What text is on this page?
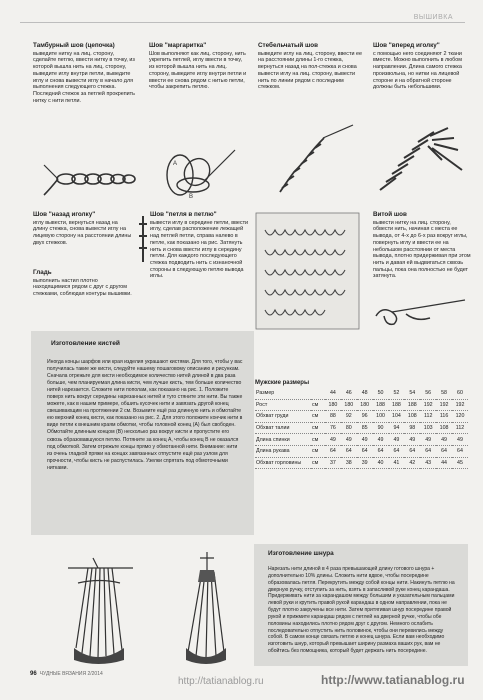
ВЫШИВКА
Тамбурный шов (цепочка)
выведите нитку на лиц. сторону, сделайте петлю, ввести нитку в точку, из которой вышла нить на лиц. сторону, выведите иглу внутри петли, выведите иглу и снова вывести иглу в начало для выполнения следующего стежка. Последний стежок за петлей прокрепить нитку с нити петли.
Шов "маргаритка"
Шов выполняют как лиц. сторону, нить укрепить петлей, иглу ввести в точку, из которой вышла нить на лиц. сторону, выведите иглу внутри петли и ввести ее снова рядом с нитью петли, чтобы закрепить петлю.
А
В
Стебельчатый шов
выведите иглу на лиц. сторону, ввести ее на расстоянии длины 1-го стежка, вернуться назад на пол-стежка и снова вывести иглу на лиц. сторону, вывести нить по линии рядом с последним стежком.
Шов "вперед иголку"
с помощью него соединяют 2 ткани вместе. Можно выполнить в любом направлении. Длина самого стежка произвольна, но нитки на лицевой стороне и на обратной стороне должны быть небольшими.
Шов "назад иголку"
иглу вывести, вернуться назад на длину стежка, снова вывести иглу на лицевую сторону на расстоянии длины двух стежков.
Гладь
выполнить настил плотно находящимися рядом с друг с другом стежками, соблюдая контуры вышивки.
Шов "петля в петлю"
вывести иглу в середине петли, ввести иглу, сделав расположение лежащей над петлей петли, справа налево в петле, как показано на рис. Затянуть нить и снова ввести иглу в середину петли. Для каждого последующего стежка подводить нить с изнаночной стороны в следующую петлю вывода иглы.
Витой шов
вывести нитку на лиц. сторону, обвести нить, начиная с места ее вывода, от 4-х до 6-х раз вокруг иглы, повернуть иглу и ввести ее на небольшом расстоянии от места вывода, плотно придерживая при этом нить и давая ей выдвигаться сквозь пальцы, пока она полностью не будет затянута.
Изготовление кистей
Иногда концы шарфов или края изделия украшают кистями. Для того, чтобы у вас получилась такие же кисти, следуйте нашему пошаговому описанию и рисункам. Сначала отрежьте для кисти необходимое количество нитей длиной в два раза больше, чем планируемая длина кисти, чем лучше кисть, тем больше количество нитей нарезается. Сложите нити пополам, как показано на рис. 1. Положите поверх нить вокруг середины нарезанных нитей и туго стяните эти нити. Вы также можете, как в нашем примере, обшить кусочек нити и завязать другой конец свешивающим на протяжении 2 см. Возьмите ещё раз длинную нить и обмотайте ею верхний конец кисти, как показано на рис. 2. Для этого положите кончик нити в виде петли к внешним краям обмотки, чтобы головной конец (А) был свободен. Обмотайте длинным концом (В) несколько раз вокруг кисти и пропустите его сквозь образовавшуюся петлю. Потяните за конец А, чтобы конец В не оказался под обмоткой. Затем отрежьте концы прямо у обмотанной нити. Внимание: нити из очень гладкой пряжи на концах завязанных отпустите ещё раз узлом для прочности, чтобы кисть не распустилась. Узелки спрятать под обмоточными нитками.
Мужские размеры
Размер		44	46	48	50	52	54	56	58	60
Рост	см	180	180	180	188	188	188	192	192	192
Обхват груди	см	88	92	96	100	104	108	112	116	120
Обхват талии	см	76	80	85	90	94	98	103	108	112
Длина спинки	см	49	49	49	49	49	49	49	49	49
Длина рукава	см	64	64	64	64	64	64	64	64	64
Обхват горловины	см	37	38	39	40	41	42	43	44	45
Изготовление шнура
Нарезать нити длиной в 4 раза превышающей длину готового шнура + дополнительно 10% длины. Сложить нити вдвое, чтобы посередине образовалась петля. Перекрутить между собой концы нити. Накинуть петлю на дверную ручку, отступить за нить, взять в запасливой руке конец карандаша. Придерживать нити за карандашом между большим и указательным пальцами левой руки и крутить правой рукой карандаш в одном направлении, пока не будут плотно закручены все нити. Затем притягивая шнур посередине правой рукой и прижмите карандаш рядом с петлей на дверной ручке, чтобы обе половины находились плотно рядом друг с другом. Немного ослабить последовательно отпустить нить половинок, чтобы они перевились между собой. В самом конце связать петлю и конец шнура. Если вам необходимо изготовить шнур, который превышает ширину размаха ваших рук, вам не обойтись без помощника, который будет держать нить посередине.
96 ЧУДНЫЕ ВЯЗАНИЯ 2/2014
http://tatianablog.ru	http://www.tatianablog.ru
